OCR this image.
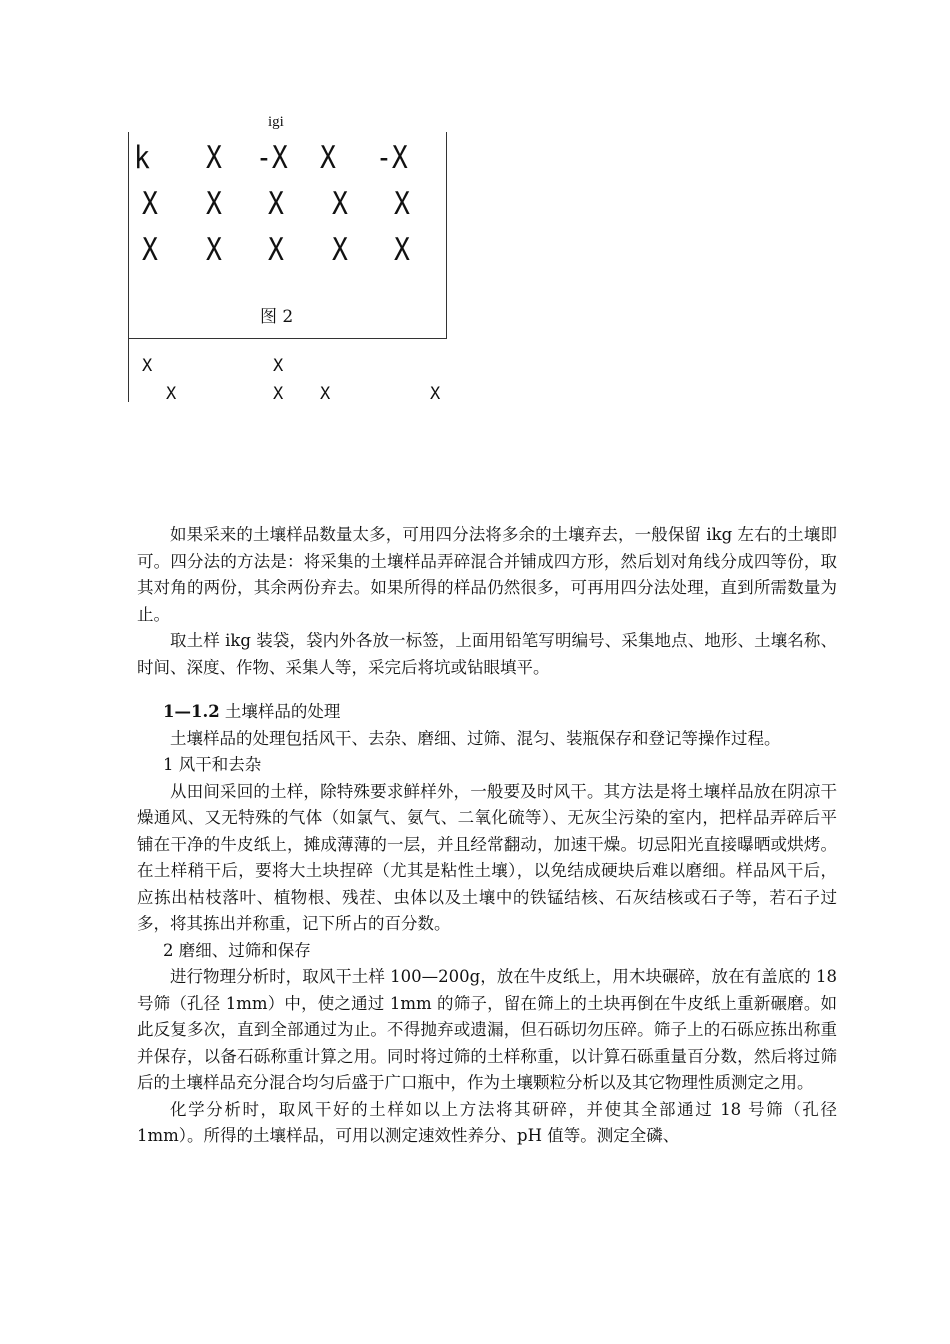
igi
k X -X X -X
X X X X X
X X X X X
图 2
X	X
X	X X	X

如果采来的土壤样品数量太多，可用四分法将多余的土壤弃去，一般保留 ikg 左右的土壤即可。四分法的方法是：将采集的土壤样品弄碎混合并铺成四方形，然后划对角线分成四等份，取其对角的两份，其余两份弃去。如果所得的样品仍然很多，可再用四分法处理，直到所需数量为止。

取土样 ikg 装袋，袋内外各放一标签，上面用铅笔写明编号、采集地点、地形、土壤名称、时间、深度、作物、采集人等，采完后将坑或钻眼填平。

1—1.2 土壤样品的处理

土壤样品的处理包括风干、去杂、磨细、过筛、混匀、装瓶保存和登记等操作过程。

1 风干和去杂

从田间采回的土样，除特殊要求鲜样外，一般要及时风干。其方法是将土壤样品放在阴凉干燥通风、又无特殊的气体（如氯气、氨气、二氧化硫等）、无灰尘污染的室内，把样品弄碎后平铺在干净的牛皮纸上，摊成薄薄的一层，并且经常翻动，加速干燥。切忌阳光直接曝晒或烘烤。在土样稍干后，要将大土块捏碎（尤其是粘性土壤），以免结成硬块后难以磨细。样品风干后，应拣出枯枝落叶、植物根、残茬、虫体以及土壤中的铁锰结核、石灰结核或石子等，若石子过多，将其拣出并称重，记下所占的百分数。

2 磨细、过筛和保存

进行物理分析时，取风干土样 100—200g，放在牛皮纸上，用木块碾碎，放在有盖底的 18 号筛（孔径 1mm）中，使之通过 1mm 的筛子，留在筛上的土块再倒在牛皮纸上重新碾磨。如此反复多次，直到全部通过为止。不得抛弃或遗漏，但石砾切勿压碎。筛子上的石砾应拣出称重并保存，以备石砾称重计算之用。同时将过筛的土样称重，以计算石砾重量百分数，然后将过筛后的土壤样品充分混合均匀后盛于广口瓶中，作为土壤颗粒分析以及其它物理性质测定之用。

化学分析时，取风干好的土样如以上方法将其研碎，并使其全部通过 18 号筛（孔径 1mm）。所得的土壤样品，可用以测定速效性养分、pH 值等。测定全磷、
